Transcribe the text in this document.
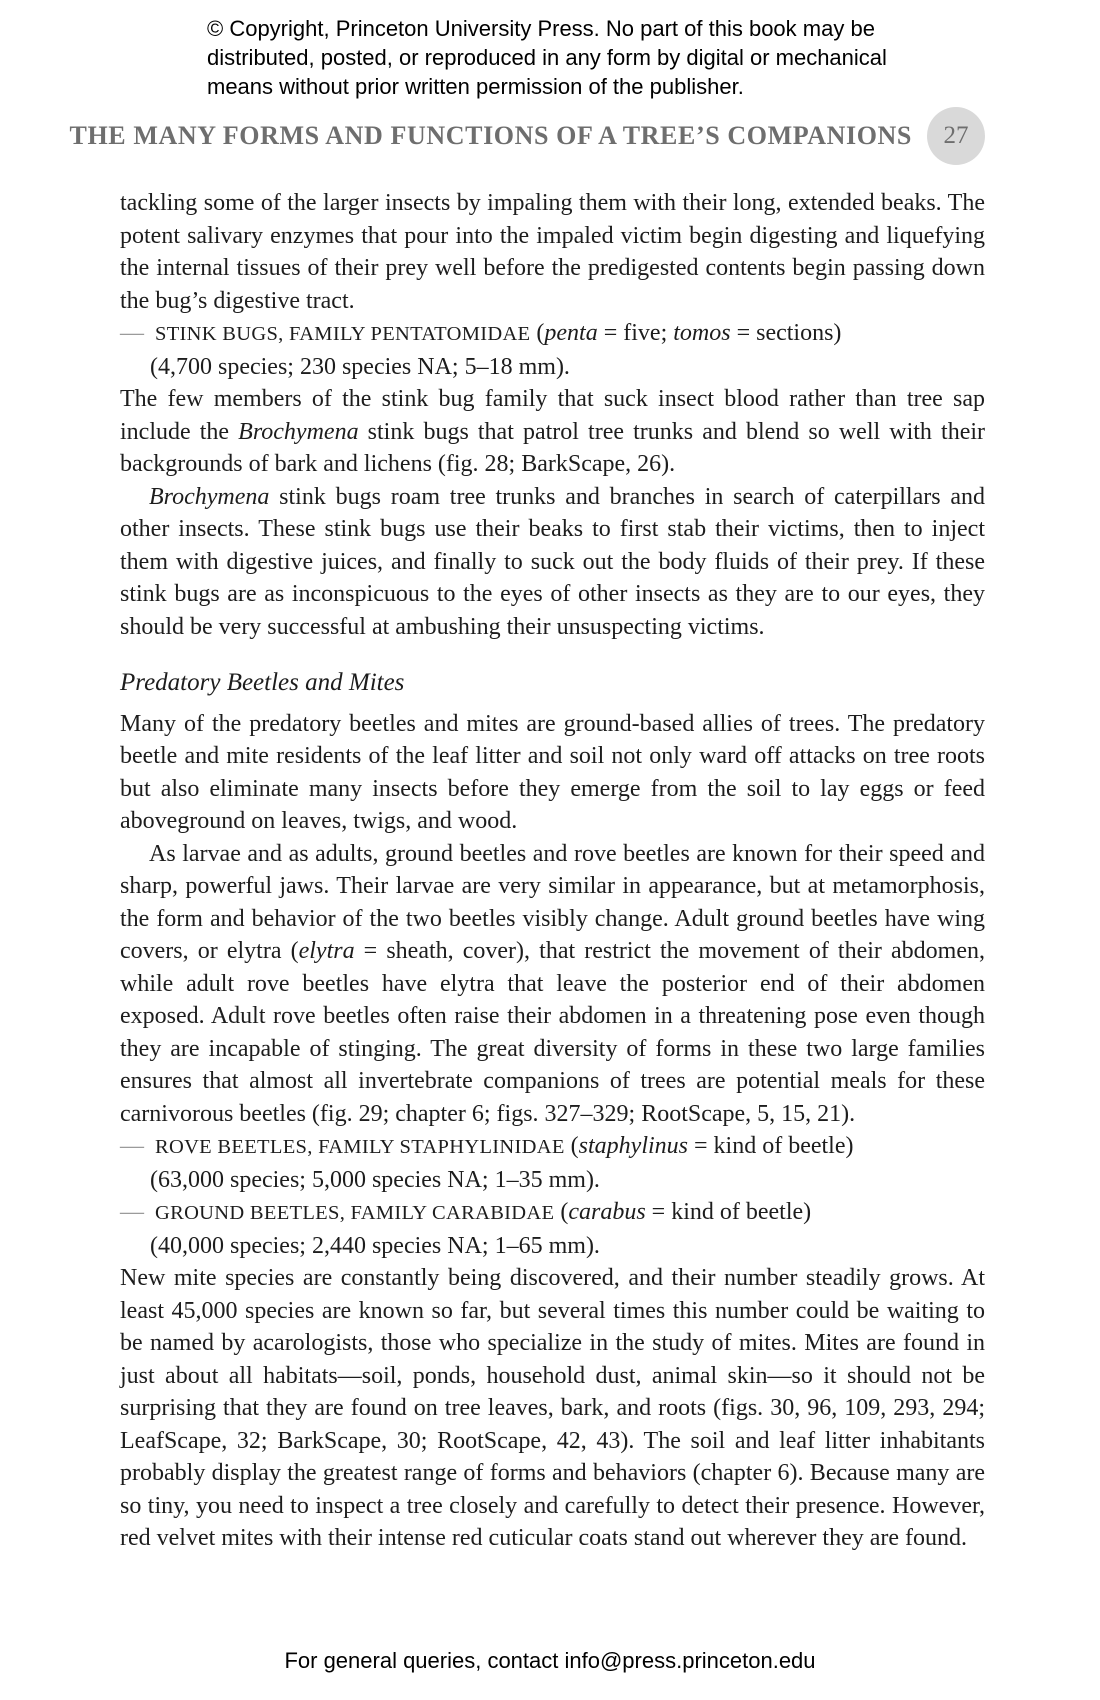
© Copyright, Princeton University Press. No part of this book may be
distributed, posted, or reproduced in any form by digital or mechanical
means without prior written permission of the publisher.
THE MANY FORMS AND FUNCTIONS OF A TREE’S COMPANIONS 27

tackling some of the larger insects by impaling them with their long, extended beaks. The potent salivary enzymes that pour into the impaled victim begin digesting and liquefying the internal tissues of their prey well before the predigested contents begin passing down the bug’s digestive tract.

— STINK BUGS, FAMILY PENTATOMIDAE (penta = five; tomos = sections)
(4,700 species; 230 species NA; 5–18 mm).

The few members of the stink bug family that suck insect blood rather than tree sap include the Brochymena stink bugs that patrol tree trunks and blend so well with their backgrounds of bark and lichens (fig. 28; BarkScape, 26).

Brochymena stink bugs roam tree trunks and branches in search of caterpillars and other insects. These stink bugs use their beaks to first stab their victims, then to inject them with digestive juices, and finally to suck out the body fluids of their prey. If these stink bugs are as inconspicuous to the eyes of other insects as they are to our eyes, they should be very successful at ambushing their unsuspecting victims.

Predatory Beetles and Mites

Many of the predatory beetles and mites are ground-based allies of trees. The predatory beetle and mite residents of the leaf litter and soil not only ward off attacks on tree roots but also eliminate many insects before they emerge from the soil to lay eggs or feed aboveground on leaves, twigs, and wood.

As larvae and as adults, ground beetles and rove beetles are known for their speed and sharp, powerful jaws. Their larvae are very similar in appearance, but at metamorphosis, the form and behavior of the two beetles visibly change. Adult ground beetles have wing covers, or elytra (elytra = sheath, cover), that restrict the movement of their abdomen, while adult rove beetles have elytra that leave the posterior end of their abdomen exposed. Adult rove beetles often raise their abdomen in a threatening pose even though they are incapable of stinging. The great diversity of forms in these two large families ensures that almost all invertebrate companions of trees are potential meals for these carnivorous beetles (fig. 29; chapter 6; figs. 327–329; RootScape, 5, 15, 21).

— ROVE BEETLES, FAMILY STAPHYLINIDAE (staphylinus = kind of beetle)
(63,000 species; 5,000 species NA; 1–35 mm).
— GROUND BEETLES, FAMILY CARABIDAE (carabus = kind of beetle)
(40,000 species; 2,440 species NA; 1–65 mm).

New mite species are constantly being discovered, and their number steadily grows. At least 45,000 species are known so far, but several times this number could be waiting to be named by acarologists, those who specialize in the study of mites. Mites are found in just about all habitats—soil, ponds, household dust, animal skin—so it should not be surprising that they are found on tree leaves, bark, and roots (figs. 30, 96, 109, 293, 294; LeafScape, 32; BarkScape, 30; RootScape, 42, 43). The soil and leaf litter inhabitants probably display the greatest range of forms and behaviors (chapter 6). Because many are so tiny, you need to inspect a tree closely and carefully to detect their presence. However, red velvet mites with their intense red cuticular coats stand out wherever they are found.

For general queries, contact info@press.princeton.edu
